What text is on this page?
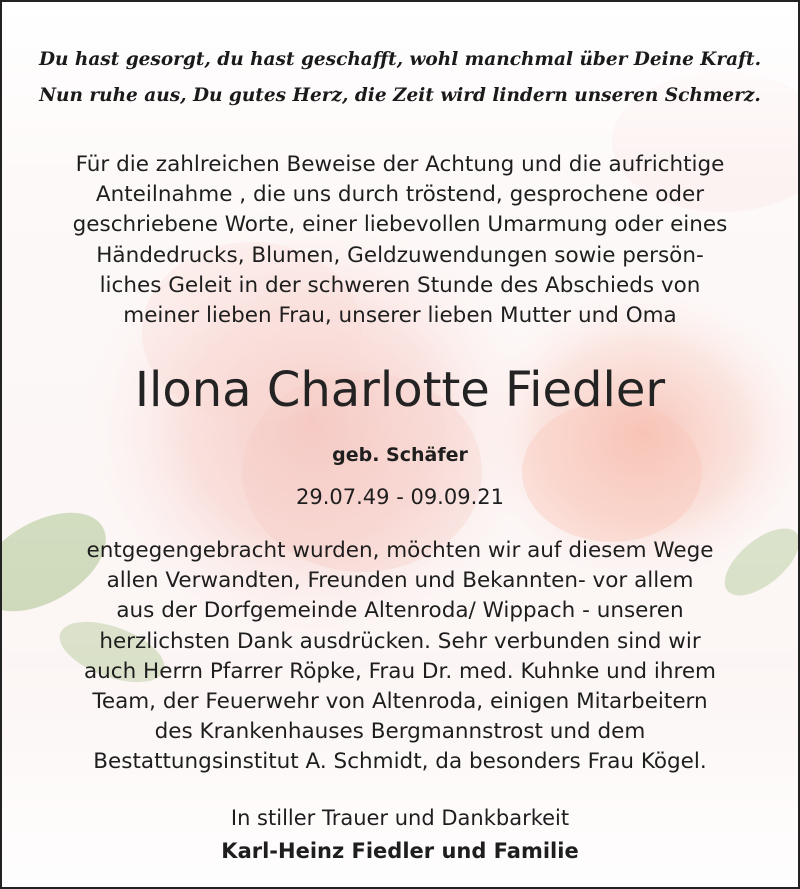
Du hast gesorgt, du hast geschafft, wohl manchmal über Deine Kraft.
Nun ruhe aus, Du gutes Herz, die Zeit wird lindern unseren Schmerz.
Für die zahlreichen Beweise der Achtung und die aufrichtige
Anteilnahme , die uns durch tröstend, gesprochene oder
geschriebene Worte, einer liebevollen Umarmung oder eines
Händedrucks, Blumen, Geldzuwendungen sowie persön-
liches Geleit in der schweren Stunde des Abschieds von
meiner lieben Frau, unserer lieben Mutter und Oma
Ilona Charlotte Fiedler
geb. Schäfer
29.07.49 - 09.09.21
entgegengebracht wurden, möchten wir auf diesem Wege
allen Verwandten, Freunden und Bekannten- vor allem
aus der Dorfgemeinde Altenroda/ Wippach - unseren
herzlichsten Dank ausdrücken. Sehr verbunden sind wir
auch Herrn Pfarrer Röpke, Frau Dr. med. Kuhnke und ihrem
Team, der Feuerwehr von Altenroda, einigen Mitarbeitern
des Krankenhauses Bergmannstrost und dem
Bestattungsinstitut A. Schmidt, da besonders Frau Kögel.
In stiller Trauer und Dankbarkeit
Karl-Heinz Fiedler und Familie
